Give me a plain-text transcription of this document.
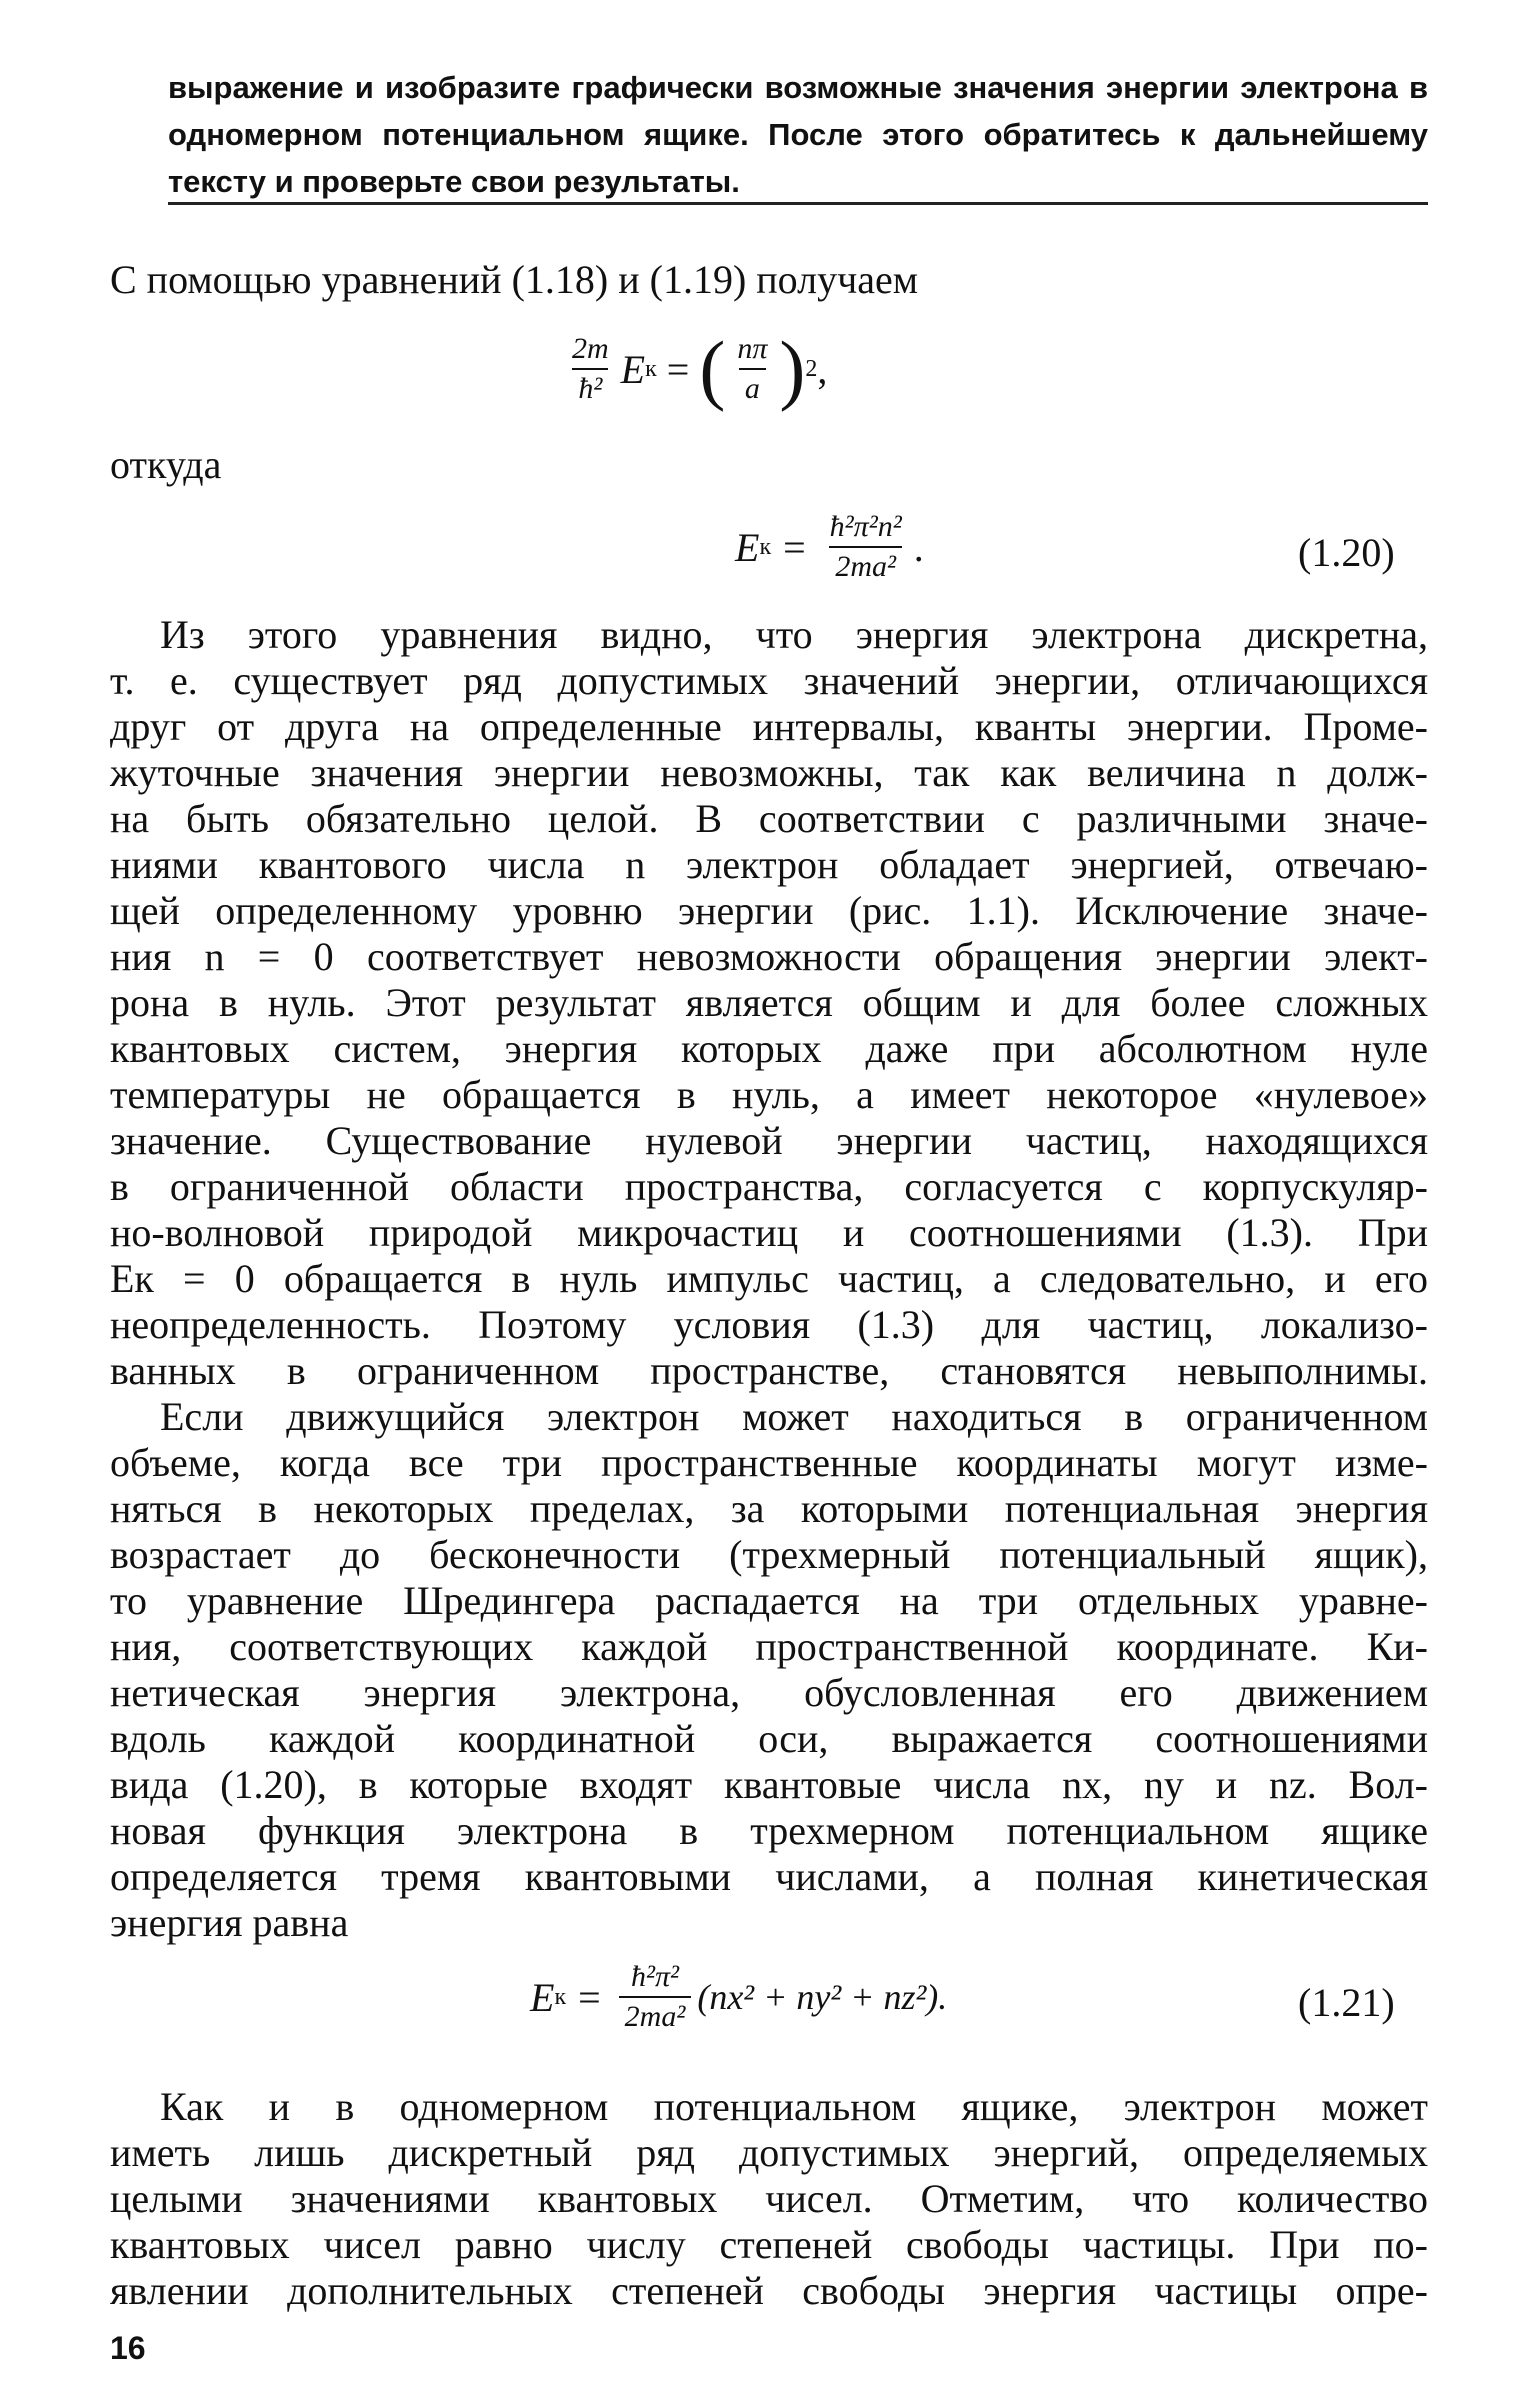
выражение и изобразите графически возможные значения энергии электрона в одномерном потенциальном ящике. После этого обратитесь к дальнейшему тексту и проверьте свои результаты.
С помощью уравнений (1.18) и (1.19) получаем
$\frac{2m}{\text{ħ²}}$ E к = ( $\frac{n\pi}{a}$ ) 2 ,
откуда
E $к = \frac{\text{ħ²π²n²}}{\text{2ma²}}$ .	(1.20)
Из этого уравнения видно, что энергия электрона дискретна,
т. е. существует ряд допустимых значений энергии, отличающихся
друг от друга на определенные интервалы, кванты энергии. Проме-
жуточные значения энергии невозможны, так как величина n долж-
на быть обязательно целой. В соответствии с различными значе-
ниями квантового числа n электрон обладает энергией, отвечаю-
щей определенному уровню энергии (рис. 1.1). Исключение значе-
ния n = 0 соответствует невозможности обращения энергии элект-
рона в нуль. Этот результат является общим и для более сложных
квантовых систем, энергия которых даже при абсолютном нуле
температуры не обращается в нуль, а имеет некоторое «нулевое»
значение. Существование нулевой энергии частиц, находящихся
в ограниченной области пространства, согласуется с корпускуляр-
но-волновой природой микрочастиц и соотношениями (1.3). При
Eк = 0 обращается в нуль импульс частиц, а следовательно, и его
неопределенность. Поэтому условия (1.3) для частиц, локализо-
ванных в ограниченном пространстве, становятся невыполнимы.
Если движущийся электрон может находиться в ограниченном
объеме, когда все три пространственные координаты могут изме-
няться в некоторых пределах, за которыми потенциальная энергия
возрастает до бесконечности (трехмерный потенциальный ящик),
то уравнение Шредингера распадается на три отдельных уравне-
ния, соответствующих каждой пространственной координате. Ки-
нетическая энергия электрона, обусловленная его движением
вдоль каждой координатной оси, выражается соотношениями
вида (1.20), в которые входят квантовые числа nx, ny и nz. Вол-
новая функция электрона в трехмерном потенциальном ящике
определяется тремя квантовыми числами, а полная кинетическая
энергия равна
E $к = \frac{\text{ħ²π²}}{\text{2ma²}} (nx^2 + ny^2 + nz^2)$.	(1.21)
Как и в одномерном потенциальном ящике, электрон может
иметь лишь дискретный ряд допустимых энергий, определяемых
целыми значениями квантовых чисел. Отметим, что количество
квантовых чисел равно числу степеней свободы частицы. При по-
явлении дополнительных степеней свободы энергия частицы опре-
16
